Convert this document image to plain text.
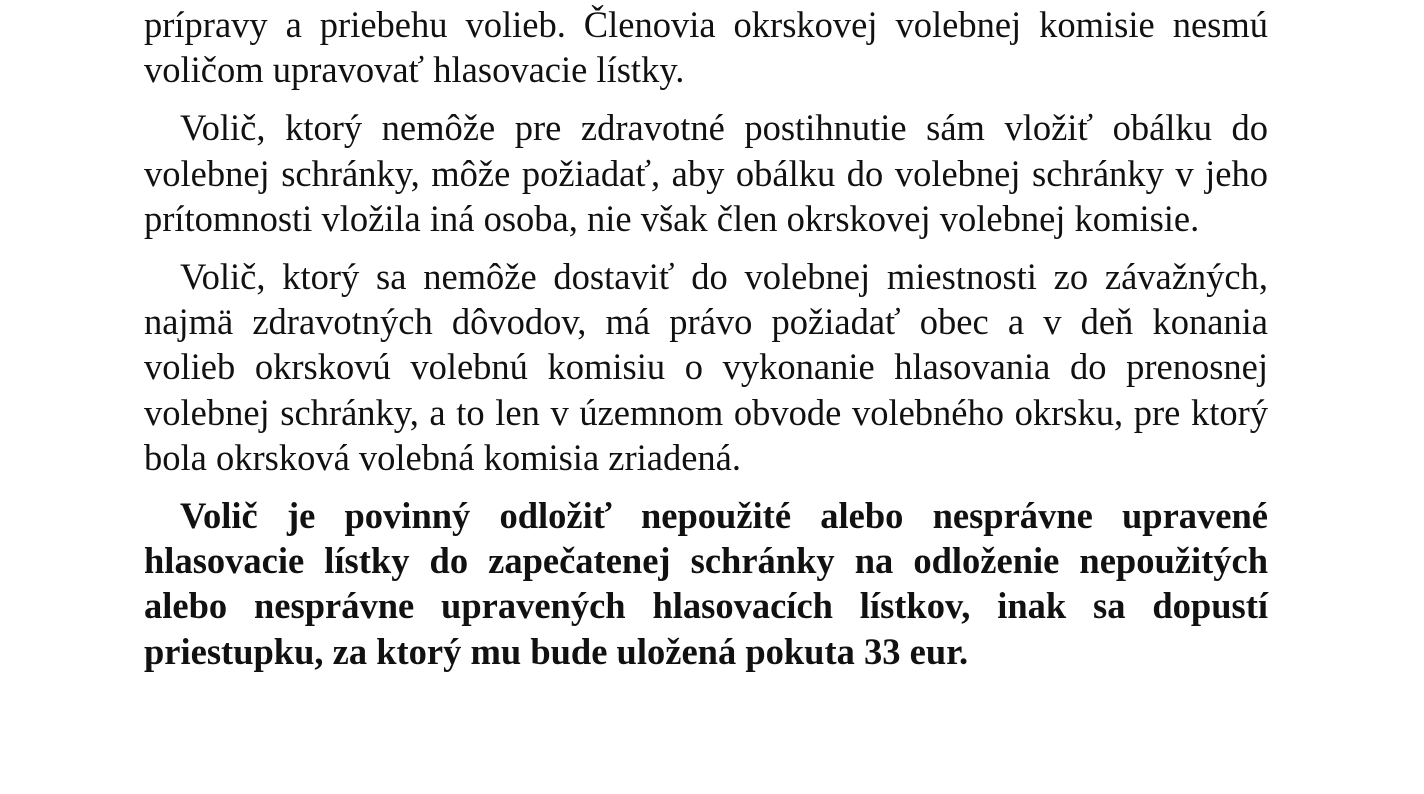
prípravy a priebehu volieb. Členovia okrskovej volebnej komisie nesmú voličom upravovať hlasovacie lístky.

Volič, ktorý nemôže pre zdravotné postihnutie sám vložiť obálku do volebnej schránky, môže požiadať, aby obálku do volebnej schránky v jeho prítomnosti vložila iná osoba, nie však člen okrskovej volebnej komisie.

Volič, ktorý sa nemôže dostaviť do volebnej miestnosti zo závažných, najmä zdravotných dôvodov, má právo požiadať obec a v deň konania volieb okrskovú volebnú komisiu o vykonanie hlasovania do prenosnej volebnej schránky, a to len v územnom obvode volebného okrsku, pre ktorý bola okrsková volebná komisia zriadená.

Volič je povinný odložiť nepoužité alebo nesprávne upravené hlasovacie lístky do zapečatenej schránky na odloženie nepoužitých alebo nesprávne upravených hlasovacích lístkov, inak sa dopustí priestupku, za ktorý mu bude uložená pokuta 33 eur.
